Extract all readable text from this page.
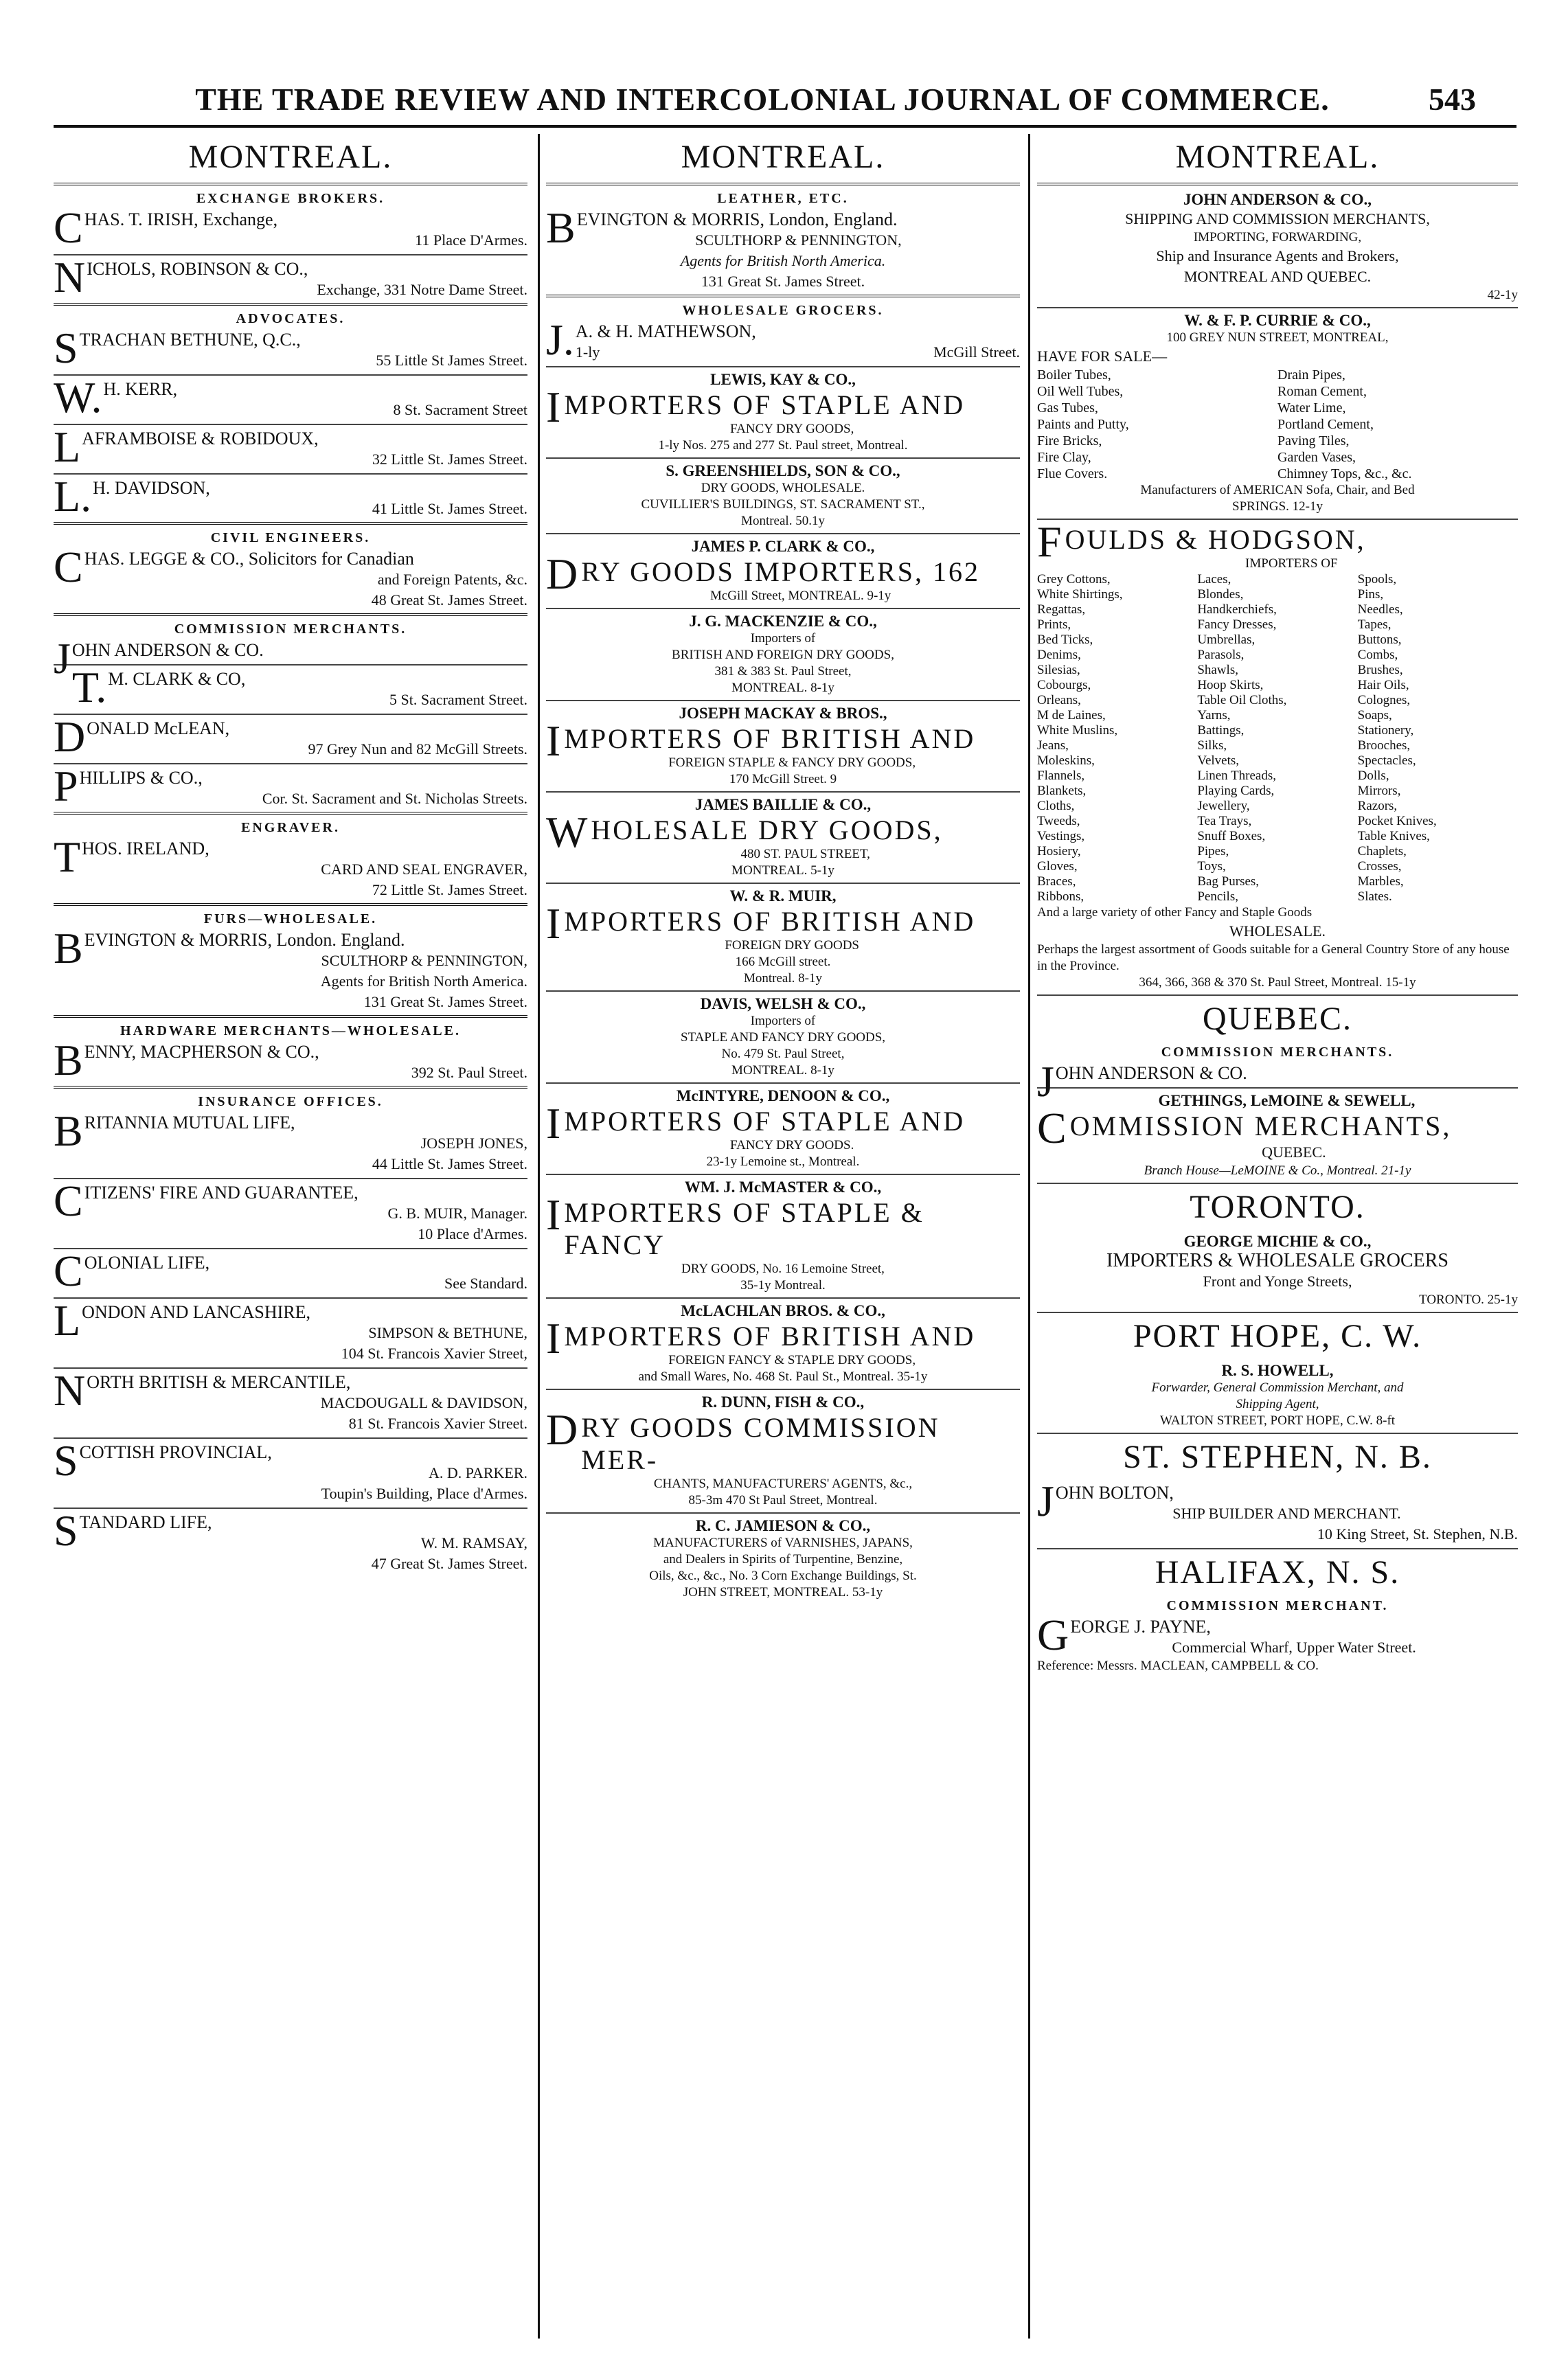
THE TRADE REVIEW AND INTERCOLONIAL JOURNAL OF COMMERCE.	543
MONTREAL.
EXCHANGE BROKERS.
CHAS. T. IRISH, Exchange,
11 Place D'Armes.
NICHOLS, ROBINSON & CO.,
Exchange, 331 Notre Dame Street.
ADVOCATES.
STRACHAN BETHUNE, Q.C.,
55 Little St James Street.
W.H. KERR,
8 St. Sacrament Street
LAFRAMBOISE & ROBIDOUX,
32 Little St. James Street.
L.H. DAVIDSON,
41 Little St. James Street.
CIVIL ENGINEERS.
CHAS. LEGGE & CO., Solicitors for Canadian
and Foreign Patents, &c.
48 Great St. James Street.
COMMISSION MERCHANTS.
JOHN ANDERSON & CO.
T.M. CLARK & CO,
5 St. Sacrament Street.
DONALD McLEAN,
97 Grey Nun and 82 McGill Streets.
PHILLIPS & CO.,
Cor. St. Sacrament and St. Nicholas Streets.
ENGRAVER.
THOS. IRELAND,
CARD AND SEAL ENGRAVER,
72 Little St. James Street.
FURS—WHOLESALE.
BEVINGTON & MORRIS, London. England.
SCULTHORP & PENNINGTON,
Agents for British North America.
131 Great St. James Street.
HARDWARE MERCHANTS—WHOLESALE.
BENNY, MACPHERSON & CO.,
392 St. Paul Street.
INSURANCE OFFICES.
BRITANNIA MUTUAL LIFE,
JOSEPH JONES,
44 Little St. James Street.
CITIZENS' FIRE AND GUARANTEE,
G. B. MUIR, Manager.
10 Place d'Armes.
COLONIAL LIFE,
See Standard.
LONDON AND LANCASHIRE,
SIMPSON & BETHUNE,
104 St. Francois Xavier Street,
NORTH BRITISH & MERCANTILE,
MACDOUGALL & DAVIDSON,
81 St. Francois Xavier Street.
SCOTTISH PROVINCIAL,
A. D. PARKER.
Toupin's Building, Place d'Armes.
STANDARD LIFE,
W. M. RAMSAY,
47 Great St. James Street.
MONTREAL.
LEATHER, ETC.
BEVINGTON & MORRIS, London, England.
SCULTHORP & PENNINGTON,
Agents for British North America.
131 Great St. James Street.
WHOLESALE GROCERS.
J.A. & H. MATHEWSON,
1-ly	McGill Street.
LEWIS, KAY & CO.,
IMPORTERS OF STAPLE AND
FANCY DRY GOODS,
1-ly Nos. 275 and 277 St. Paul street, Montreal.
S. GREENSHIELDS, SON & CO.,
DRY GOODS, WHOLESALE.
CUVILLIER'S BUILDINGS, ST. SACRAMENT ST.,
Montreal. 50.1y
JAMES P. CLARK & CO.,
DRY GOODS IMPORTERS, 162
McGill Street, MONTREAL. 9-1y
J. G. MACKENZIE & CO.,
Importers of
BRITISH AND FOREIGN DRY GOODS,
381 & 383 St. Paul Street,
MONTREAL. 8-1y
JOSEPH MACKAY & BROS.,
IMPORTERS OF BRITISH AND
FOREIGN STAPLE & FANCY DRY GOODS,
170 McGill Street. 9
JAMES BAILLIE & CO.,
WHOLESALE DRY GOODS,
480 ST. PAUL STREET,
MONTREAL. 5-1y
W. & R. MUIR,
IMPORTERS OF BRITISH AND
FOREIGN DRY GOODS
166 McGill street.
Montreal. 8-1y
DAVIS, WELSH & CO.,
Importers of
STAPLE AND FANCY DRY GOODS,
No. 479 St. Paul Street,
MONTREAL. 8-1y
McINTYRE, DENOON & CO.,
IMPORTERS OF STAPLE AND
FANCY DRY GOODS.
23-1y Lemoine st., Montreal.
WM. J. McMASTER & CO.,
IMPORTERS OF STAPLE & FANCY
DRY GOODS, No. 16 Lemoine Street,
35-1y Montreal.
McLACHLAN BROS. & CO.,
IMPORTERS OF BRITISH AND
FOREIGN FANCY & STAPLE DRY GOODS,
and Small Wares, No. 468 St. Paul St., Montreal. 35-1y
R. DUNN, FISH & CO.,
DRY GOODS COMMISSION MER-
CHANTS, MANUFACTURERS' AGENTS, &c.,
85-3m 470 St Paul Street, Montreal.
R. C. JAMIESON & CO.,
MANUFACTURERS of VARNISHES, JAPANS,
and Dealers in Spirits of Turpentine, Benzine,
Oils, &c., &c., No. 3 Corn Exchange Buildings, St.
JOHN STREET, MONTREAL. 53-1y
MONTREAL.
JOHN ANDERSON & CO.,
SHIPPING AND COMMISSION MERCHANTS,
IMPORTING, FORWARDING,
Ship and Insurance Agents and Brokers,
MONTREAL AND QUEBEC.
42-1y
W. & F. P. CURRIE & CO.,
100 GREY NUN STREET, MONTREAL,
HAVE FOR SALE—
Boiler Tubes,	Drain Pipes,
Oil Well Tubes,	Roman Cement,
Gas Tubes,	Water Lime,
Paints and Putty,	Portland Cement,
Fire Bricks,	Paving Tiles,
Fire Clay,	Garden Vases,
Flue Covers.	Chimney Tops, &c., &c.
Manufacturers of AMERICAN Sofa, Chair, and Bed
SPRINGS. 12-1y
FOULDS & HODGSON,
IMPORTERS OF
Grey Cottons,	Laces,	Spools,
White Shirtings,	Blondes,	Pins,
Regattas,	Handkerchiefs,	Needles,
Prints,	Fancy Dresses,	Tapes,
Bed Ticks,	Umbrellas,	Buttons,
Denims,	Parasols,	Combs,
Silesias,	Shawls,	Brushes,
Cobourgs,	Hoop Skirts,	Hair Oils,
Orleans,	Table Oil Cloths,	Colognes,
M de Laines,	Yarns,	Soaps,
White Muslins,	Battings,	Stationery,
Jeans,	Silks,	Brooches,
Moleskins,	Velvets,	Spectacles,
Flannels,	Linen Threads,	Dolls,
Blankets,	Playing Cards,	Mirrors,
Cloths,	Jewellery,	Razors,
Tweeds,	Tea Trays,	Pocket Knives,
Vestings,	Snuff Boxes,	Table Knives,
Hosiery,	Pipes,	Chaplets,
Gloves,	Toys,	Crosses,
Braces,	Bag Purses,	Marbles,
Ribbons,	Pencils,	Slates.
And a large variety of other Fancy and Staple Goods
WHOLESALE.
Perhaps the largest assortment of Goods suitable for a General Country Store of any house in the Province.
364, 366, 368 & 370 St. Paul Street, Montreal. 15-1y
QUEBEC.
COMMISSION MERCHANTS.
JOHN ANDERSON & CO.
GETHINGS, LeMOINE & SEWELL,
COMMISSION MERCHANTS,
QUEBEC.
Branch House—LeMOINE & Co., Montreal. 21-1y
TORONTO.
GEORGE MICHIE & CO.,
IMPORTERS & WHOLESALE GROCERS
Front and Yonge Streets,
TORONTO. 25-1y
PORT HOPE, C. W.
R. S. HOWELL,
Forwarder, General Commission Merchant, and
Shipping Agent,
WALTON STREET, PORT HOPE, C.W. 8-ft
ST. STEPHEN, N. B.
JOHN BOLTON,
SHIP BUILDER AND MERCHANT.
10 King Street, St. Stephen, N.B.
HALIFAX, N. S.
COMMISSION MERCHANT.
GEORGE J. PAYNE,
Commercial Wharf, Upper Water Street.
Reference: Messrs. MACLEAN, CAMPBELL & CO.
